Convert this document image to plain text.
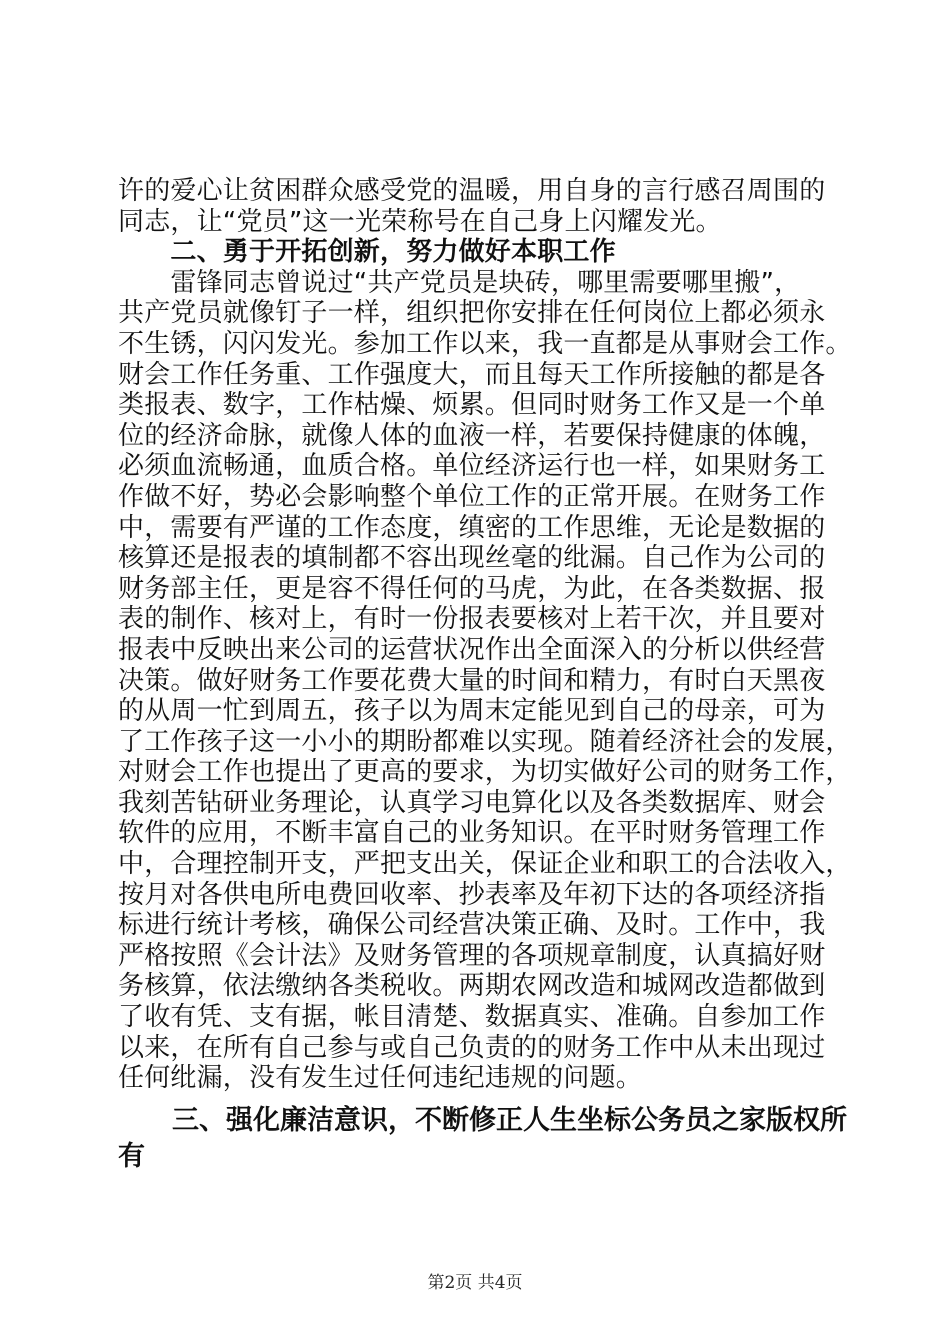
许的爱心让贫困群众感受党的温暖，用自身的言行感召周围的
同志，让“党员”这一光荣称号在自己身上闪耀发光。
　　二、勇于开拓创新，努力做好本职工作
　　雷锋同志曾说过“共产党员是块砖，哪里需要哪里搬”，
共产党员就像钉子一样，组织把你安排在任何岗位上都必须永
不生锈，闪闪发光。参加工作以来，我一直都是从事财会工作。
财会工作任务重、工作强度大，而且每天工作所接触的都是各
类报表、数字，工作枯燥、烦累。但同时财务工作又是一个单
位的经济命脉，就像人体的血液一样，若要保持健康的体魄，
必须血流畅通，血质合格。单位经济运行也一样，如果财务工
作做不好，势必会影响整个单位工作的正常开展。在财务工作
中，需要有严谨的工作态度，缜密的工作思维，无论是数据的
核算还是报表的填制都不容出现丝毫的纰漏。自己作为公司的
财务部主任，更是容不得任何的马虎，为此，在各类数据、报
表的制作、核对上，有时一份报表要核对上若干次，并且要对
报表中反映出来公司的运营状况作出全面深入的分析以供经营
决策。做好财务工作要花费大量的时间和精力，有时白天黑夜
的从周一忙到周五，孩子以为周末定能见到自己的母亲，可为
了工作孩子这一小小的期盼都难以实现。随着经济社会的发展，
对财会工作也提出了更高的要求，为切实做好公司的财务工作，
我刻苦钻研业务理论，认真学习电算化以及各类数据库、财会
软件的应用，不断丰富自己的业务知识。在平时财务管理工作
中，合理控制开支，严把支出关，保证企业和职工的合法收入，
按月对各供电所电费回收率、抄表率及年初下达的各项经济指
标进行统计考核，确保公司经营决策正确、及时。工作中，我
严格按照《会计法》及财务管理的各项规章制度，认真搞好财
务核算，依法缴纳各类税收。两期农网改造和城网改造都做到
了收有凭、支有据，帐目清楚、数据真实、准确。自参加工作
以来，在所有自己参与或自己负责的的财务工作中从未出现过
任何纰漏，没有发生过任何违纪违规的问题。
　　三、强化廉洁意识，不断修正人生坐标公务员之家版权所
有
第2页 共4页
